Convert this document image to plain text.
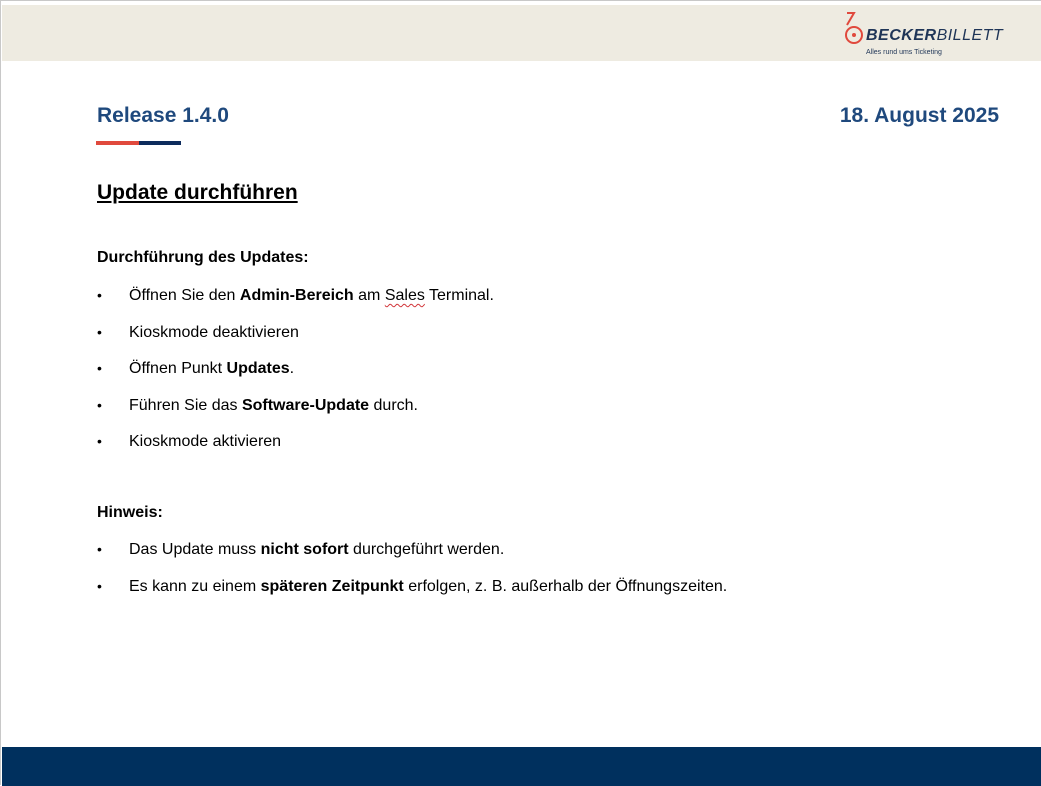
BECKERBILLETT
Alles rund ums Ticketing
Release 1.4.0	18. August 2025
Update durchführen
Durchführung des Updates:
• Öffnen Sie den Admin-Bereich am Sales Terminal.
• Kioskmode deaktivieren
• Öffnen Punkt Updates.
• Führen Sie das Software-Update durch.
• Kioskmode aktivieren
Hinweis:
• Das Update muss nicht sofort durchgeführt werden.
• Es kann zu einem späteren Zeitpunkt erfolgen, z. B. außerhalb der Öffnungszeiten.
